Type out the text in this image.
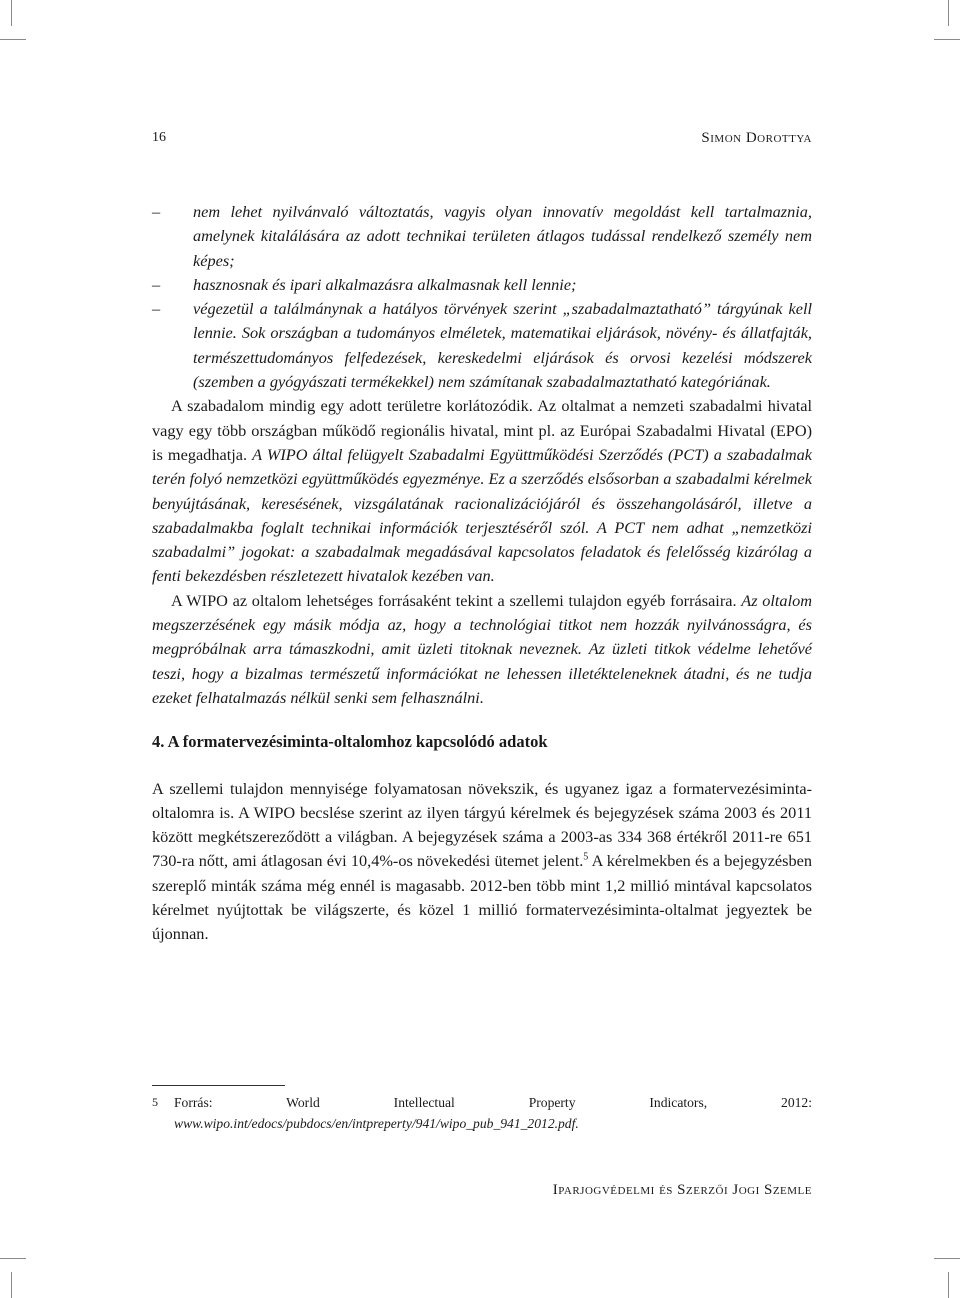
16	Simon Dorottya
–	nem lehet nyilvánvaló változtatás, vagyis olyan innovatív megoldást kell tartalmaznia, amelynek kitalálására az adott technikai területen átlagos tudással rendelkező személy nem képes;
–	hasznosnak és ipari alkalmazásra alkalmasnak kell lennie;
–	végezetül a találmánynak a hatályos törvények szerint „szabadalmaztatható” tárgyúnak kell lennie. Sok országban a tudományos elméletek, matematikai eljárások, növény- és állatfajták, természettudományos felfedezések, kereskedelmi eljárások és orvosi kezelési módszerek (szemben a gyógyászati termékekkel) nem számítanak szabadalmaztatható kategóriának.

A szabadalom mindig egy adott területre korlátozódik. Az oltalmat a nemzeti szabadalmi hivatal vagy egy több országban működő regionális hivatal, mint pl. az Európai Szabadalmi Hivatal (EPO) is megadhatja. A WIPO által felügyelt Szabadalmi Együttműködési Szerződés (PCT) a szabadalmak terén folyó nemzetközi együttműködés egyezménye. Ez a szerződés elsősorban a szabadalmi kérelmek benyújtásának, keresésének, vizsgálatának racionalizációjáról és összehangolásáról, illetve a szabadalmakba foglalt technikai információk terjesztéséről szól. A PCT nem adhat „nemzetközi szabadalmi” jogokat: a szabadalmak megadásával kapcsolatos feladatok és felelősség kizárólag a fenti bekezdésben részletezett hivatalok kezében van.

A WIPO az oltalom lehetséges forrásaként tekint a szellemi tulajdon egyéb forrásaira. Az oltalom megszerzésének egy másik módja az, hogy a technológiai titkot nem hozzák nyilvánosságra, és megpróbálnak arra támaszkodni, amit üzleti titoknak neveznek. Az üzleti titkok védelme lehetővé teszi, hogy a bizalmas természetű információkat ne lehessen illetékteleneknek átadni, és ne tudja ezeket felhatalmazás nélkül senki sem felhasználni.

4. A formatervezésiminta-oltalomhoz kapcsolódó adatok

A szellemi tulajdon mennyisége folyamatosan növekszik, és ugyanez igaz a formatervezésiminta-oltalomra is. A WIPO becslése szerint az ilyen tárgyú kérelmek és bejegyzések száma 2003 és 2011 között megkétszereződött a világban. A bejegyzések száma a 2003-as 334 368 értékről 2011-re 651 730-ra nőtt, ami átlagosan évi 10,4%-os növekedési ütemet jelent.$^5$ A kérelmekben és a bejegyzésben szereplő minták száma még ennél is magasabb. 2012-ben több mint 1,2 millió mintával kapcsolatos kérelmet nyújtottak be világszerte, és közel 1 millió formatervezésiminta-oltalmat jegyeztek be újonnan.

5	Forrás: World Intellectual Property Indicators, 2012: www.wipo.int/edocs/pubdocs/en/intpreperty/941/wipo_pub_941_2012.pdf.
Iparjogvédelmi és Szerzői Jogi Szemle
